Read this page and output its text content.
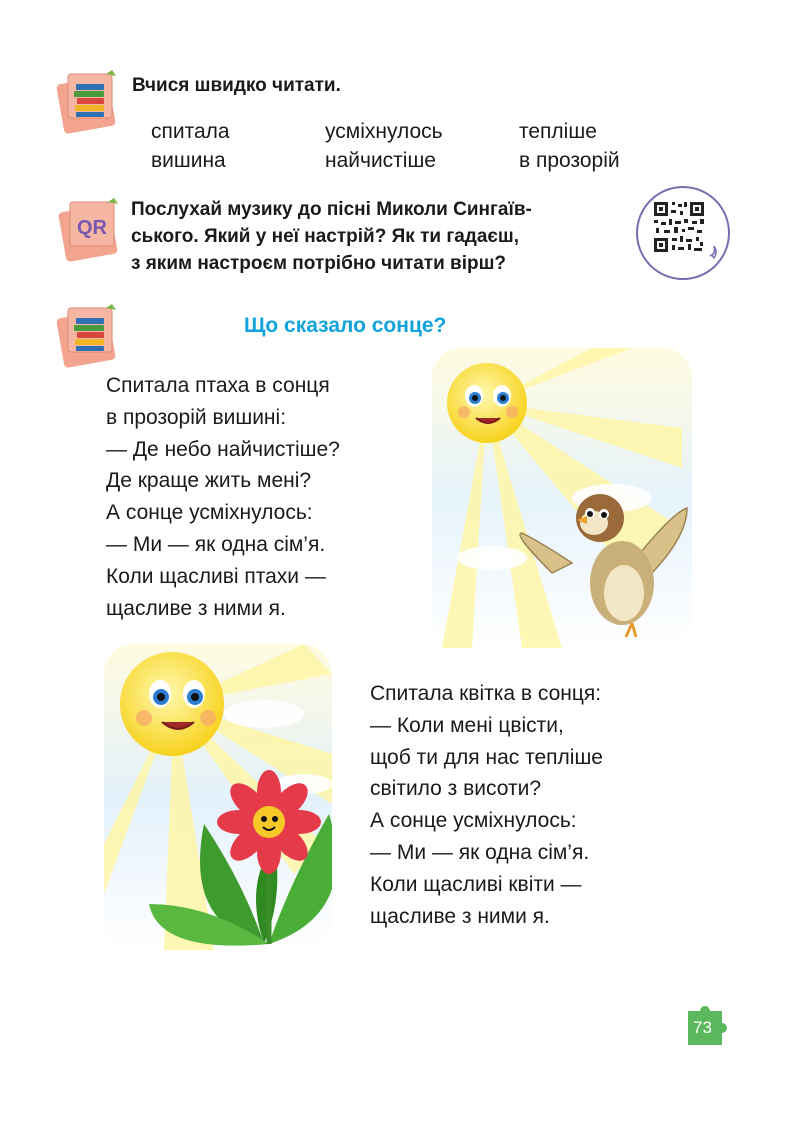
Вчися швидко читати.
спитала	усміхнулось	тепліше
вишина	найчистіше	в прозорій
QR
Послухай музику до пісні Миколи Сингаїв-
ського. Який у неї настрій? Як ти гадаєш,
з яким настроєм потрібно читати вірш?
Що сказало сонце?
Спитала птаха в сонця
в прозорій вишині:
— Де небо найчистіше?
Де краще жить мені?
А сонце усміхнулось:
— Ми — як одна сім’я.
Коли щасливі птахи —
щасливе з ними я.
Спитала квітка в сонця:
— Коли мені цвісти,
щоб ти для нас тепліше
світило з висоти?
А сонце усміхнулось:
— Ми — як одна сім’я.
Коли щасливі квіти —
щасливе з ними я.
73
